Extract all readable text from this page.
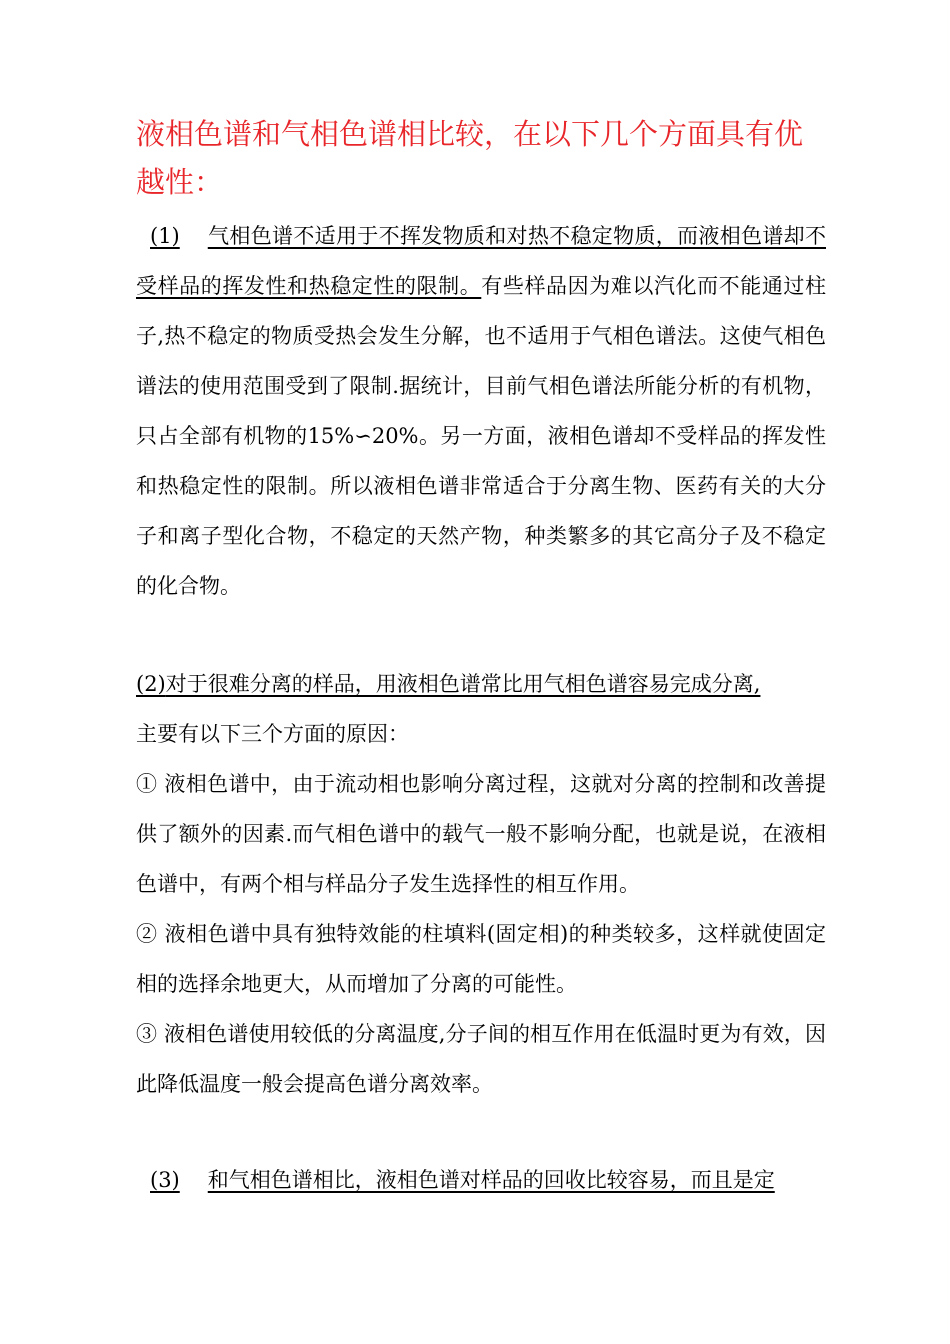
液相色谱和气相色谱相比较，在以下几个方面具有优越性：

(1) 气相色谱不适用于不挥发物质和对热不稳定物质，而液相色谱却不受样品的挥发性和热稳定性的限制。有些样品因为难以汽化而不能通过柱子,热不稳定的物质受热会发生分解，也不适用于气相色谱法。这使气相色谱法的使用范围受到了限制.据统计，目前气相色谱法所能分析的有机物，只占全部有机物的15%∽20%。另一方面，液相色谱却不受样品的挥发性和热稳定性的限制。所以液相色谱非常适合于分离生物、医药有关的大分子和离子型化合物，不稳定的天然产物，种类繁多的其它高分子及不稳定的化合物。

(2)对于很难分离的样品，用液相色谱常比用气相色谱容易完成分离,
主要有以下三个方面的原因：
① 液相色谱中，由于流动相也影响分离过程，这就对分离的控制和改善提供了额外的因素.而气相色谱中的载气一般不影响分配，也就是说，在液相色谱中，有两个相与样品分子发生选择性的相互作用。
② 液相色谱中具有独特效能的柱填料(固定相)的种类较多，这样就使固定相的选择余地更大，从而增加了分离的可能性。
③ 液相色谱使用较低的分离温度,分子间的相互作用在低温时更为有效，因此降低温度一般会提高色谱分离效率。

(3) 和气相色谱相比，液相色谱对样品的回收比较容易，而且是定
